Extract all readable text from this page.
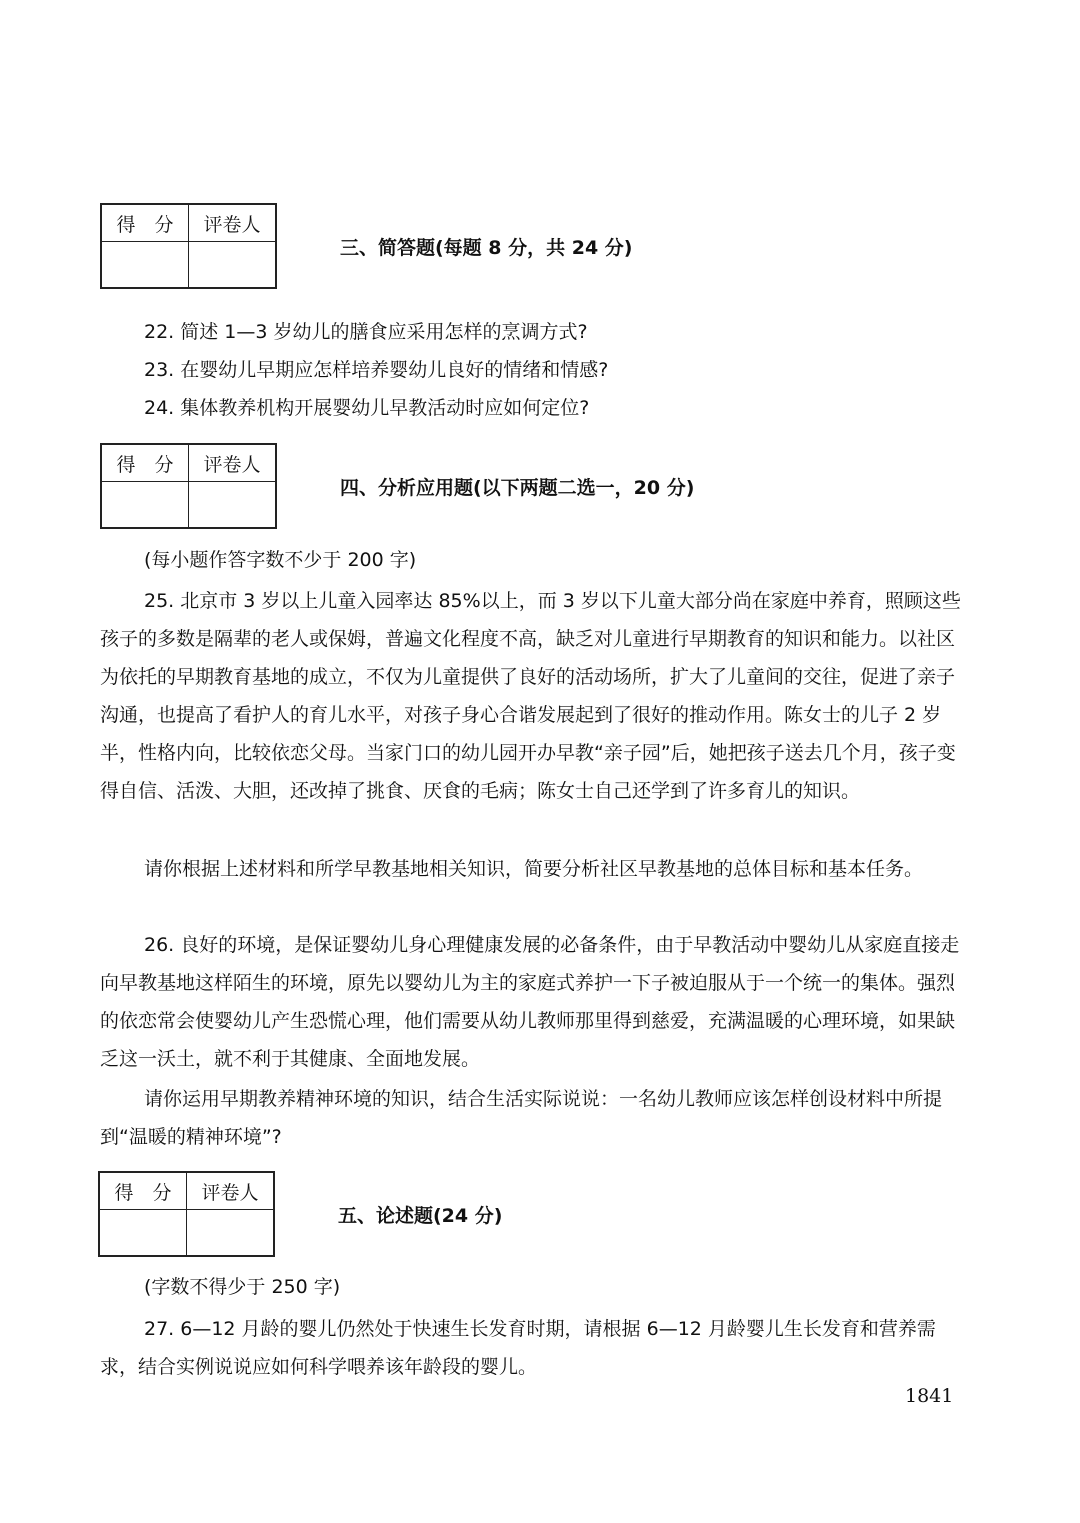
得　分	评卷人

三、简答题(每题 8 分，共 24 分)
22. 简述 1—3 岁幼儿的膳食应采用怎样的烹调方式?
23. 在婴幼儿早期应怎样培养婴幼儿良好的情绪和情感?
24. 集体教养机构开展婴幼儿早教活动时应如何定位?
得　分	评卷人

四、分析应用题(以下两题二选一，20 分)
(每小题作答字数不少于 200 字)
25. 北京市 3 岁以上儿童入园率达 85%以上，而 3 岁以下儿童大部分尚在家庭中养育，照顾这些孩子的多数是隔辈的老人或保姆，普遍文化程度不高，缺乏对儿童进行早期教育的知识和能力。以社区为依托的早期教育基地的成立，不仅为儿童提供了良好的活动场所，扩大了儿童间的交往，促进了亲子沟通，也提高了看护人的育儿水平，对孩子身心合谐发展起到了很好的推动作用。陈女士的儿子 2 岁半，性格内向，比较依恋父母。当家门口的幼儿园开办早教“亲子园”后，她把孩子送去几个月，孩子变得自信、活泼、大胆，还改掉了挑食、厌食的毛病；陈女士自己还学到了许多育儿的知识。
请你根据上述材料和所学早教基地相关知识，简要分析社区早教基地的总体目标和基本任务。
26. 良好的环境，是保证婴幼儿身心理健康发展的必备条件，由于早教活动中婴幼儿从家庭直接走向早教基地这样陌生的环境，原先以婴幼儿为主的家庭式养护一下子被迫服从于一个统一的集体。强烈的依恋常会使婴幼儿产生恐慌心理，他们需要从幼儿教师那里得到慈爱，充满温暖的心理环境，如果缺乏这一沃土，就不利于其健康、全面地发展。
请你运用早期教养精神环境的知识，结合生活实际说说：一名幼儿教师应该怎样创设材料中所提到“温暖的精神环境”?
得　分	评卷人

五、论述题(24 分)
(字数不得少于 250 字)
27. 6—12 月龄的婴儿仍然处于快速生长发育时期，请根据 6—12 月龄婴儿生长发育和营养需求，结合实例说说应如何科学喂养该年龄段的婴儿。
1841
